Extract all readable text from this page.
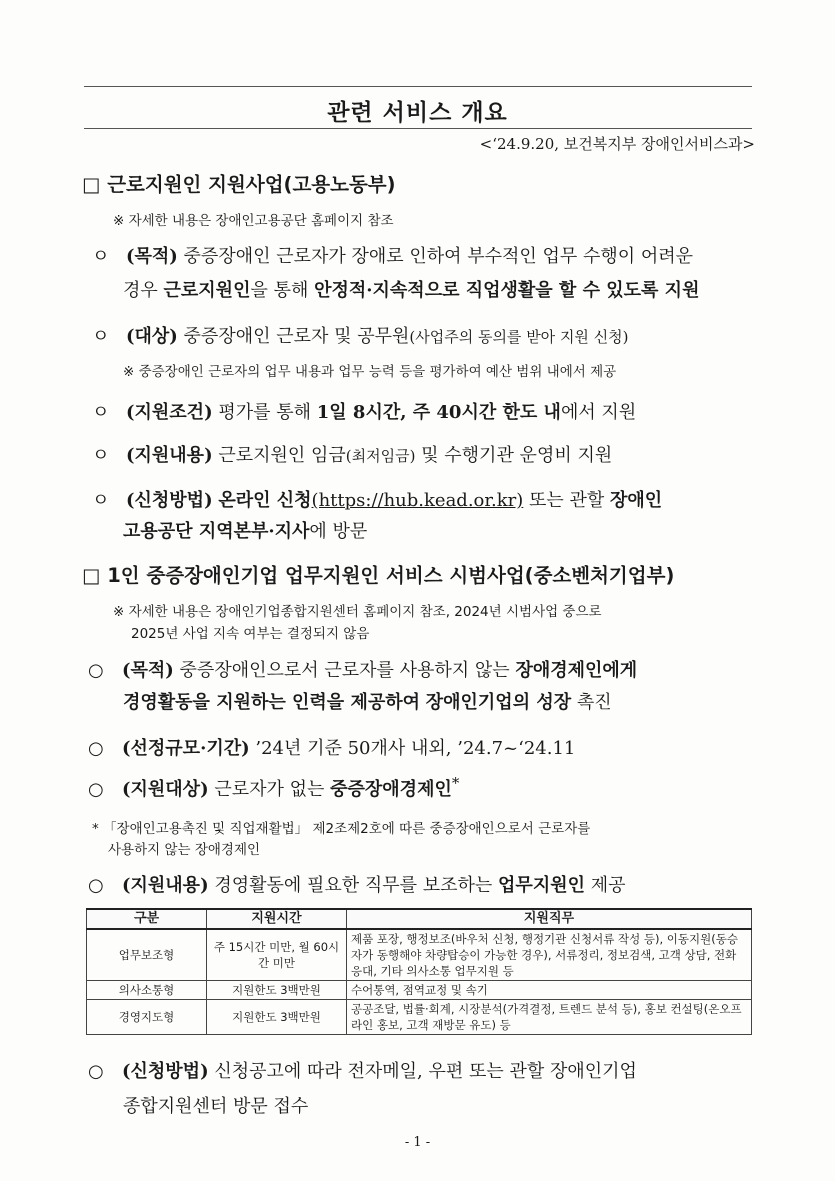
관련 서비스 개요
<‘24.9.20, 보건복지부 장애인서비스과>
□ 근로지원인 지원사업(고용노동부)
※ 자세한 내용은 장애인고용공단 홈페이지 참조
ㅇ (목적) 중증장애인 근로자가 장애로 인하여 부수적인 업무 수행이 어려운
경우 근로지원인을 통해 안정적·지속적으로 직업생활을 할 수 있도록 지원
ㅇ (대상) 중증장애인 근로자 및 공무원(사업주의 동의를 받아 지원 신청)
※ 중증장애인 근로자의 업무 내용과 업무 능력 등을 평가하여 예산 범위 내에서 제공
ㅇ (지원조건) 평가를 통해 1일 8시간, 주 40시간 한도 내에서 지원
ㅇ (지원내용) 근로지원인 임금(최저임금) 및 수행기관 운영비 지원
ㅇ (신청방법) 온라인 신청(https://hub.kead.or.kr) 또는 관할 장애인
고용공단 지역본부·지사에 방문
□ 1인 중증장애인기업 업무지원인 서비스 시범사업(중소벤처기업부)
※ 자세한 내용은 장애인기업종합지원센터 홈페이지 참조, 2024년 시범사업 중으로
2025년 사업 지속 여부는 결정되지 않음
○ (목적) 중증장애인으로서 근로자를 사용하지 않는 장애경제인에게
경영활동을 지원하는 인력을 제공하여 장애인기업의 성장 촉진
○ (선정규모·기간) ’24년 기준 50개사 내외, ’24.7~‘24.11
○ (지원대상) 근로자가 없는 중증장애경제인*
* 「장애인고용촉진 및 직업재활법」 제2조제2호에 따른 중증장애인으로서 근로자를
사용하지 않는 장애경제인
○ (지원내용) 경영활동에 필요한 직무를 보조하는 업무지원인 제공
구분	지원시간	지원직무
업무보조형	주 15시간 미만, 월 60시간 미만	제품 포장, 행정보조(바우처 신청, 행정기관 신청서류 작성 등), 이동지원(동승자가 동행해야 차량탑승이 가능한 경우), 서류정리, 정보검색, 고객 상담, 전화응대, 기타 의사소통 업무지원 등
의사소통형	지원한도 3백만원	수어통역, 점역교정 및 속기
경영지도형	지원한도 3백만원	공공조달, 법률·회계, 시장분석(가격결정, 트렌드 분석 등), 홍보 컨설팅(온오프라인 홍보, 고객 재방문 유도) 등
○ (신청방법) 신청공고에 따라 전자메일, 우편 또는 관할 장애인기업
종합지원센터 방문 접수
- 1 -
